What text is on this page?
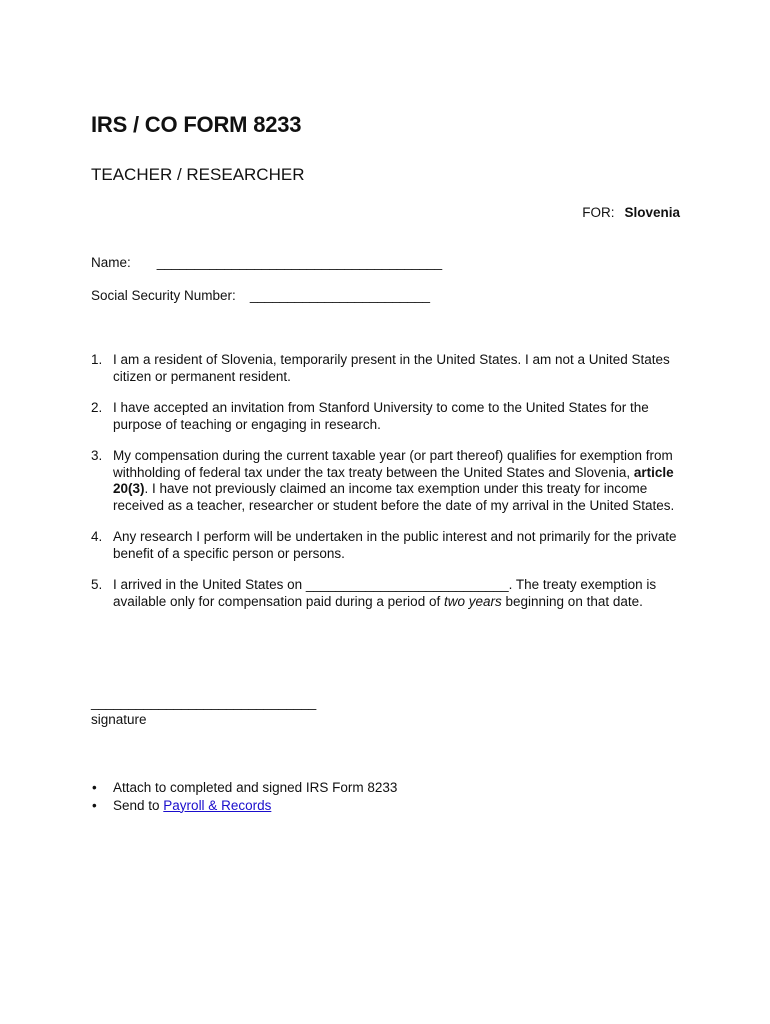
IRS / CO FORM 8233
TEACHER / RESEARCHER
FOR: Slovenia
Name: ______________________________________
Social Security Number: ________________________
1. I am a resident of Slovenia, temporarily present in the United States. I am not a United States citizen or permanent resident.
2. I have accepted an invitation from Stanford University to come to the United States for the purpose of teaching or engaging in research.
3. My compensation during the current taxable year (or part thereof) qualifies for exemption from withholding of federal tax under the tax treaty between the United States and Slovenia, article 20(3). I have not previously claimed an income tax exemption under this treaty for income received as a teacher, researcher or student before the date of my arrival in the United States.
4. Any research I perform will be undertaken in the public interest and not primarily for the private benefit of a specific person or persons.
5. I arrived in the United States on ___________________________. The treaty exemption is available only for compensation paid during a period of two years beginning on that date.
______________________________
signature
• Attach to completed and signed IRS Form 8233
• Send to Payroll & Records
